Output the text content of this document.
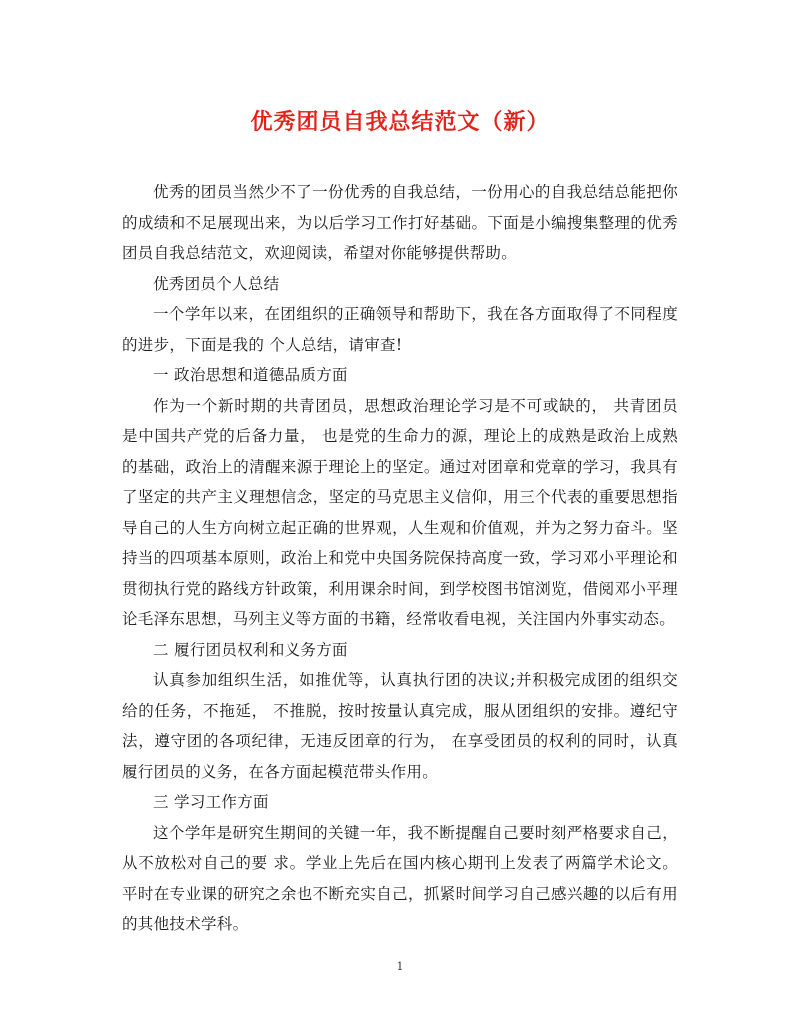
优秀团员自我总结范文（新）

优秀的团员当然少不了一份优秀的自我总结，一份用心的自我总结总能把你的成绩和不足展现出来，为以后学习工作打好基础。下面是小编搜集整理的优秀团员自我总结范文，欢迎阅读，希望对你能够提供帮助。

优秀团员个人总结

一个学年以来，在团组织的正确领导和帮助下，我在各方面取得了不同程度的进步，下面是我的 个人总结，请审查!

一 政治思想和道德品质方面

作为一个新时期的共青团员，思想政治理论学习是不可或缺的， 共青团员是中国共产党的后备力量， 也是党的生命力的源，理论上的成熟是政治上成熟的基础，政治上的清醒来源于理论上的坚定。通过对团章和党章的学习，我具有了坚定的共产主义理想信念，坚定的马克思主义信仰，用三个代表的重要思想指导自己的人生方向树立起正确的世界观，人生观和价值观，并为之努力奋斗。坚持当的四项基本原则，政治上和党中央国务院保持高度一致，学习邓小平理论和贯彻执行党的路线方针政策，利用课余时间，到学校图书馆浏览，借阅邓小平理论毛泽东思想，马列主义等方面的书籍，经常收看电视，关注国内外事实动态。

二 履行团员权利和义务方面

认真参加组织生活，如推优等，认真执行团的决议;并积极完成团的组织交给的任务，不拖延， 不推脱，按时按量认真完成，服从团组织的安排。遵纪守法，遵守团的各项纪律，无违反团章的行为， 在享受团员的权利的同时，认真履行团员的义务，在各方面起模范带头作用。

三 学习工作方面

这个学年是研究生期间的关键一年，我不断提醒自己要时刻严格要求自己，从不放松对自己的要 求。学业上先后在国内核心期刊上发表了两篇学术论文。平时在专业课的研究之余也不断充实自己，抓紧时间学习自己感兴趣的以后有用的其他技术学科。

1
